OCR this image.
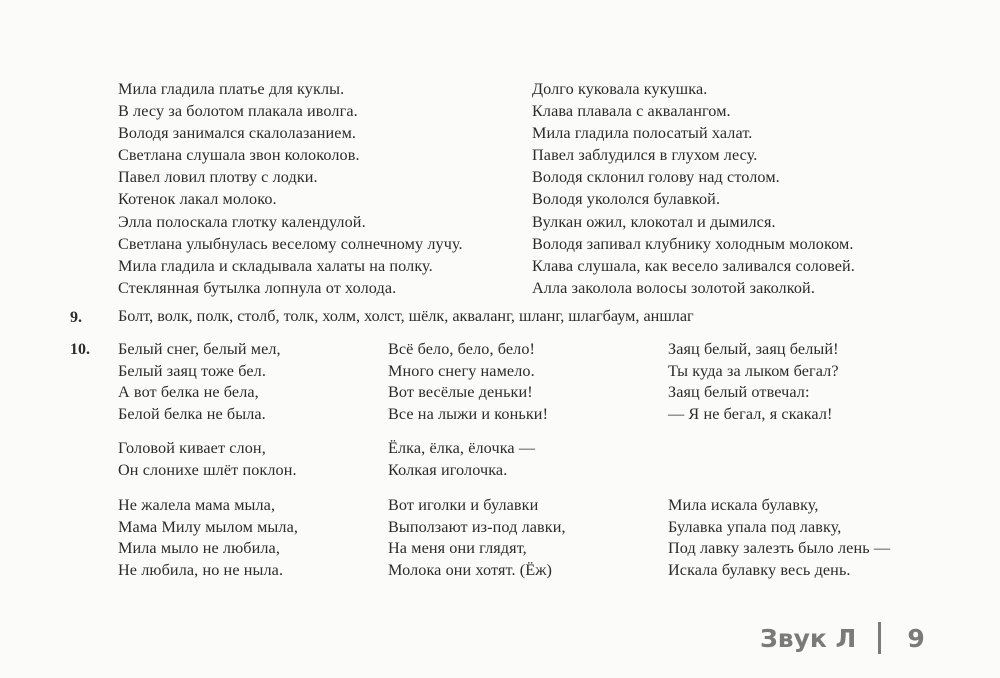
Мила гладила платье для куклы.
В лесу за болотом плакала иволга.
Володя занимался скалолазанием.
Светлана слушала звон колоколов.
Павел ловил плотву с лодки.
Котенок лакал молоко.
Элла полоскала глотку календулой.
Светлана улыбнулась веселому солнечному лучу.
Мила гладила и складывала халаты на полку.
Стеклянная бутылка лопнула от холода.
Долго куковала кукушка.
Клава плавала с аквалангом.
Мила гладила полосатый халат.
Павел заблудился в глухом лесу.
Володя склонил голову над столом.
Володя укололся булавкой.
Вулкан ожил, клокотал и дымился.
Володя запивал клубнику холодным молоком.
Клава слушала, как весело заливался соловей.
Алла заколола волосы золотой заколкой.
9. Болт, волк, полк, столб, толк, холм, холст, шёлк, акваланг, шланг, шлагбаум, аншлаг
10. Белый снег, белый мел,
Белый заяц тоже бел.
А вот белка не бела,
Белой белка не была.
Всё бело, бело, бело!
Много снегу намело.
Вот весёлые деньки!
Все на лыжи и коньки!
Заяц белый, заяц белый!
Ты куда за лыком бегал?
Заяц белый отвечал:
— Я не бегал, я скакал!
Головой кивает слон,
Он слонихе шлёт поклон.
Ёлка, ёлка, ёлочка —
Колкая иголочка.
Не жалела мама мыла,
Мама Милу мылом мыла,
Мила мыло не любила,
Не любила, но не ныла.
Вот иголки и булавки
Выползают из-под лавки,
На меня они глядят,
Молока они хотят. (Ёж)
Мила искала булавку,
Булавка упала под лавку,
Под лавку залезть было лень —
Искала булавку весь день.
Звук Л 9
